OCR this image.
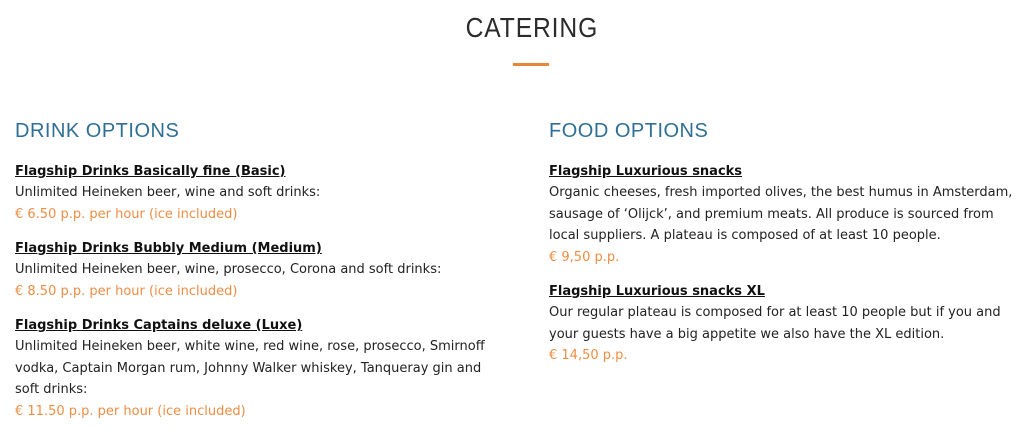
CATERING
DRINK OPTIONS
Flagship Drinks Basically fine (Basic)
Unlimited Heineken beer, wine and soft drinks:
€ 6.50 p.p. per hour (ice included)
Flagship Drinks Bubbly Medium (Medium)
Unlimited Heineken beer, wine, prosecco, Corona and soft drinks:
€ 8.50 p.p. per hour (ice included)
Flagship Drinks Captains deluxe (Luxe)
Unlimited Heineken beer, white wine, red wine, rose, prosecco, Smirnoff vodka, Captain Morgan rum, Johnny Walker whiskey, Tanqueray gin and soft drinks:
€ 11.50 p.p. per hour (ice included)
FOOD OPTIONS
Flagship Luxurious snacks
Organic cheeses, fresh imported olives, the best humus in Amsterdam, sausage of ‘Olijck’, and premium meats. All produce is sourced from local suppliers. A plateau is composed of at least 10 people.
€ 9,50 p.p.
Flagship Luxurious snacks XL
Our regular plateau is composed for at least 10 people but if you and your guests have a big appetite we also have the XL edition.
€ 14,50 p.p.
